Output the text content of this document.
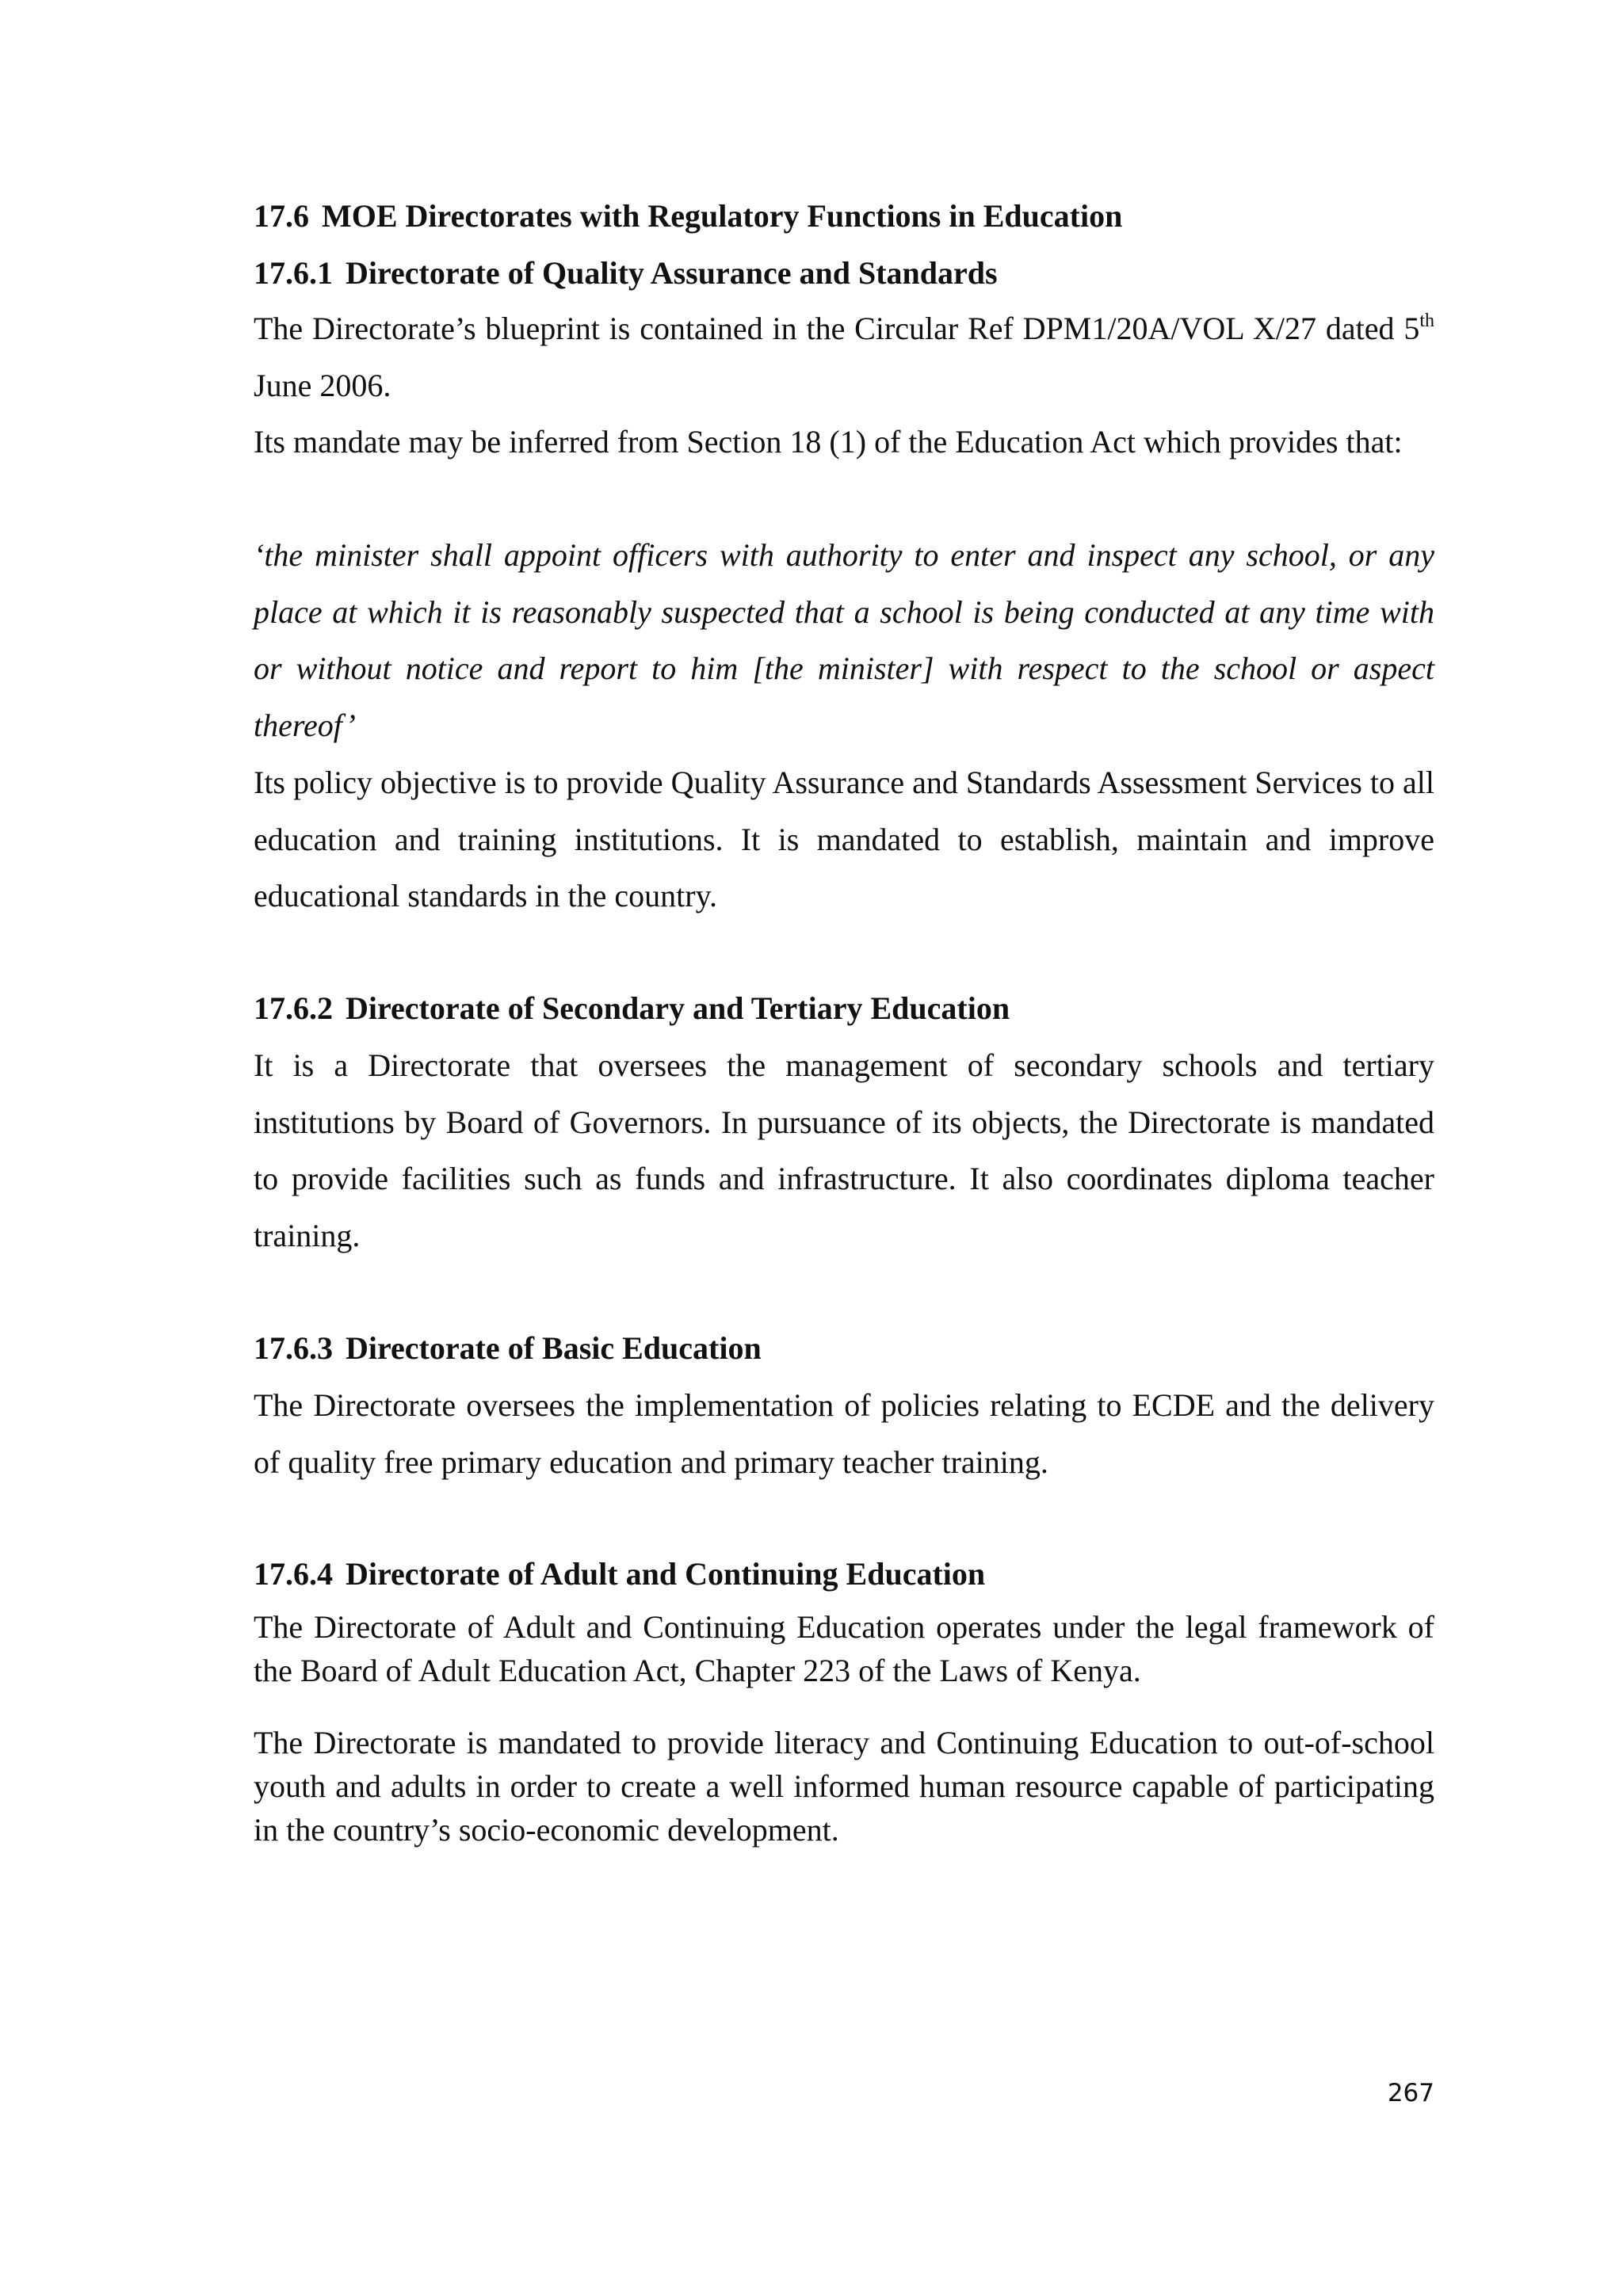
17.6 MOE Directorates with Regulatory Functions in Education
17.6.1 Directorate of Quality Assurance and Standards

The Directorate’s blueprint is contained in the Circular Ref DPM1/20A/VOL X/27 dated 5th June 2006.

Its mandate may be inferred from Section 18 (1) of the Education Act which provides that:

‘the minister shall appoint officers with authority to enter and inspect any school, or any place at which it is reasonably suspected that a school is being conducted at any time with or without notice and report to him [the minister] with respect to the school or aspect thereof’

Its policy objective is to provide Quality Assurance and Standards Assessment Services to all education and training institutions. It is mandated to establish, maintain and improve educational standards in the country.

17.6.2 Directorate of Secondary and Tertiary Education

It is a Directorate that oversees the management of secondary schools and tertiary institutions by Board of Governors. In pursuance of its objects, the Directorate is mandated to provide facilities such as funds and infrastructure. It also coordinates diploma teacher training.

17.6.3 Directorate of Basic Education

The Directorate oversees the implementation of policies relating to ECDE and the delivery of quality free primary education and primary teacher training.

17.6.4 Directorate of Adult and Continuing Education

The Directorate of Adult and Continuing Education operates under the legal framework of the Board of Adult Education Act, Chapter 223 of the Laws of Kenya.

The Directorate is mandated to provide literacy and Continuing Education to out-of-school youth and adults in order to create a well informed human resource capable of participating in the country’s socio-economic development.

267
